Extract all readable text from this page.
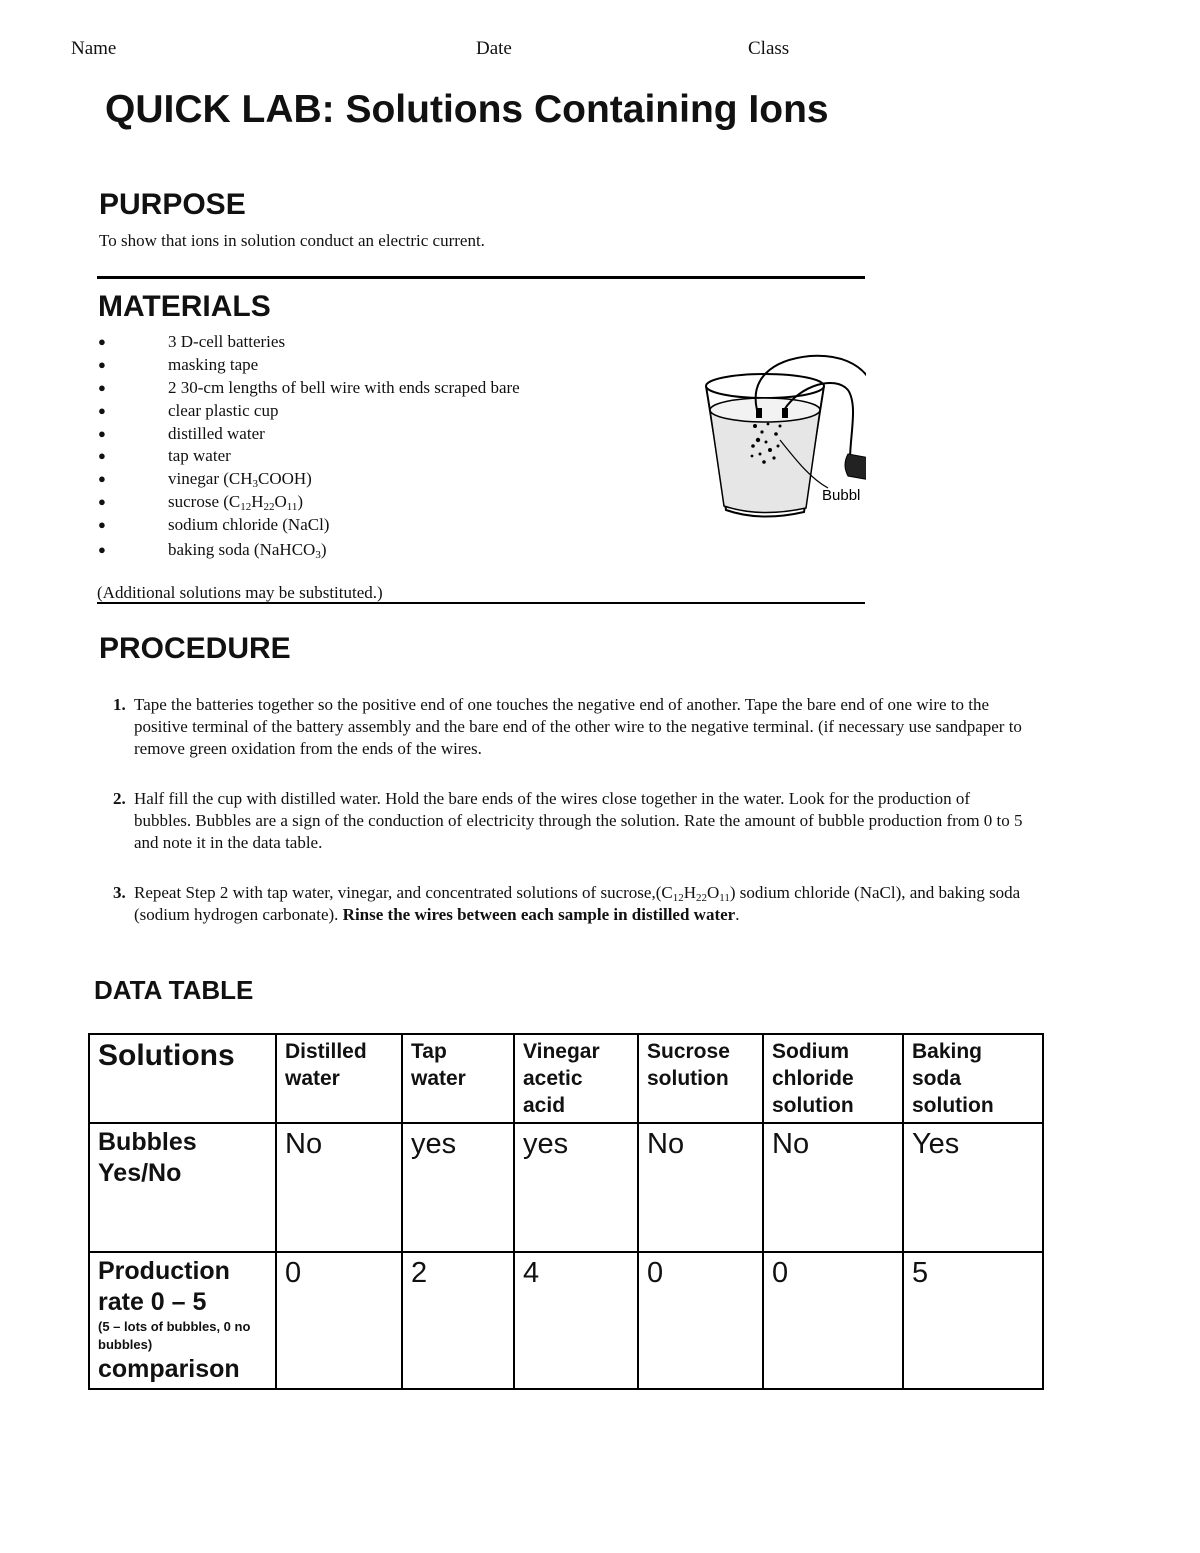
Name	Date	Class
QUICK LAB: Solutions Containing Ions
PURPOSE
To show that ions in solution conduct an electric current.
MATERIALS
●	3 D-cell batteries
●	masking tape
●	2 30-cm lengths of bell wire with ends scraped bare
●	clear plastic cup
●	distilled water
●	tap water
●	vinegar $(CH_3COOH)$
●	sucrose $(C_{12}H_{22}O_{11})$
●	sodium chloride (NaCl)
●	baking soda (NaHCO$_3$)
(Additional solutions may be substituted.)
Bubbl
PROCEDURE
1. Tape the batteries together so the positive end of one touches the negative end of another. Tape the bare end of one wire to the positive terminal of the battery assembly and the bare end of the other wire to the negative terminal. (if necessary use sandpaper to remove green oxidation from the ends of the wires.
2. Half fill the cup with distilled water. Hold the bare ends of the wires close together in the water. Look for the production of bubbles. Bubbles are a sign of the conduction of electricity through the solution. Rate the amount of bubble production from 0 to 5 and note it in the data table.
3. Repeat Step 2 with tap water, vinegar, and concentrated solutions of $sucrose,(C_{12}H_{22}O_{11})$ sodium chloride (NaCl), and baking soda (sodium hydrogen carbonate). Rinse the wires between each sample in distilled water.
DATA TABLE
Solutions	Distilled water	Tap water	Vinegar acetic acid	Sucrose solution	Sodium chloride solution	Baking soda solution

Bubbles
Yes/No	No	yes	yes	No	No	Yes

Production rate 0 – 5
(5 – lots of bubbles, 0 no bubbles)
comparison	0	2	4	0	0	5
